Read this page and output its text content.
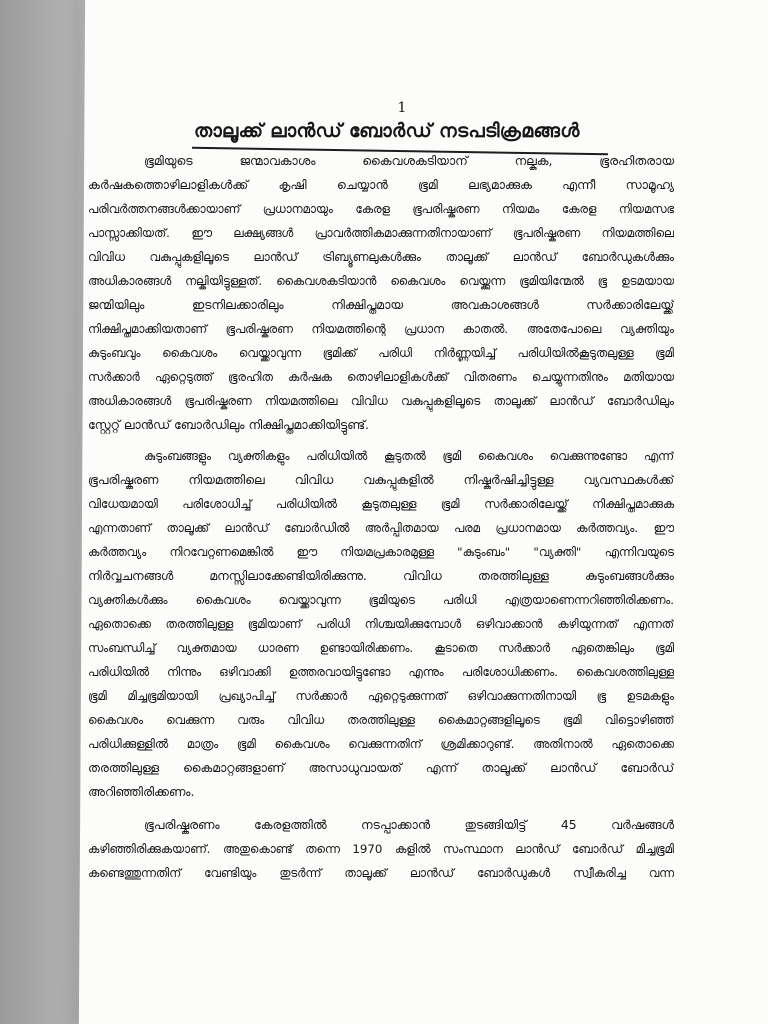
1
താലൂക്ക് ലാൻഡ് ബോർഡ് നടപടിക്രമങ്ങൾ
ഭൂമിയുടെ ജന്മാവകാശം കൈവശകടിയാന് നല്കുക, ഭൂരഹിതരായ
കർഷകത്തൊഴിലാളികൾക്ക് കൃഷി ചെയ്യാൻ ഭൂമി ലഭ്യമാക്കുക എന്നീ സാമൂഹ്യ
പരിവർത്തനങ്ങൾക്കായാണ് പ്രധാനമായും കേരള ഭൂപരിഷ്കരണ നിയമം കേരള നിയമസഭ
പാസ്സാക്കിയത്. ഈ ലക്ഷ്യങ്ങൾ പ്രാവർത്തികമാക്കുന്നതിനായാണ് ഭൂപരിഷ്കരണ നിയമത്തിലെ
വിവിധ വകുപ്പുകളിലൂടെ ലാൻഡ് ട്രിബ്യൂണലുകൾക്കും താലൂക്ക് ലാൻഡ് ബോർഡുകൾക്കും
അധികാരങ്ങൾ നല്കിയിട്ടുള്ളത്. കൈവശകടിയാൻ കൈവശം വെയ്ക്കുന്ന ഭൂമിയിന്മേൽ ഭൂ ഉടമയായ
ജന്മിയിലും ഇടനിലക്കാരിലും നിക്ഷിപ്തമായ അവകാശങ്ങൾ സർക്കാരിലേയ്ക്ക്
നിക്ഷിപ്തമാക്കിയതാണ് ഭൂപരിഷ്കരണ നിയമത്തിന്റെ പ്രധാന കാതൽ. അതേപോലെ വ്യക്തിയും
കുടുംബവും കൈവശം വെയ്ക്കാവുന്ന ഭൂമിക്ക് പരിധി നിർണ്ണയിച്ച് പരിധിയിൽകൂടുതലുള്ള ഭൂമി
സർക്കാർ ഏറ്റെടുത്ത് ഭൂരഹിത കർഷക തൊഴിലാളികൾക്ക് വിതരണം ചെയ്യുന്നതിനും മതിയായ
അധികാരങ്ങൾ ഭൂപരിഷ്കരണ നിയമത്തിലെ വിവിധ വകുപ്പുകളിലൂടെ താലൂക്ക് ലാൻഡ് ബോർഡിലും
സ്റ്റേറ്റ് ലാൻഡ് ബോർഡിലും നിക്ഷിപ്തമാക്കിയിട്ടുണ്ട്.
കുടുംബങ്ങളും വ്യക്തികളും പരിധിയിൽ കൂടുതൽ ഭൂമി കൈവശം വെക്കുന്നുണ്ടോ എന്ന്
ഭൂപരിഷ്കരണ നിയമത്തിലെ വിവിധ വകുപ്പുകളിൽ നിഷ്കർഷിച്ചിട്ടുള്ള വ്യവസ്ഥകൾക്ക്
വിധേയമായി പരിശോധിച്ച് പരിധിയിൽ കൂടുതലുള്ള ഭൂമി സർക്കാരിലേയ്ക്ക് നിക്ഷിപ്തമാക്കുക
എന്നതാണ് താലൂക്ക് ലാൻഡ് ബോർഡിൽ അർപ്പിതമായ പരമ പ്രധാനമായ കർത്തവ്യം. ഈ
കർത്തവ്യം നിറവേറ്റണമെങ്കിൽ ഈ നിയമപ്രകാരമുള്ള "കുടുംബം" "വ്യക്തി" എന്നിവയുടെ
നിർവ്വചനങ്ങൾ മനസ്സിലാക്കേണ്ടിയിരിക്കുന്നു. വിവിധ തരത്തിലുള്ള കുടുംബങ്ങൾക്കും
വ്യക്തികൾക്കും കൈവശം വെയ്ക്കാവുന്ന ഭൂമിയുടെ പരിധി എത്രയാണെന്നറിഞ്ഞിരിക്കണം.
ഏതൊക്കെ തരത്തിലുള്ള ഭൂമിയാണ് പരിധി നിശ്ചയിക്കുമ്പോൾ ഒഴിവാക്കാൻ കഴിയുന്നത് എന്നത്
സംബന്ധിച്ച് വ്യക്തമായ ധാരണ ഉണ്ടായിരിക്കണം. കൂടാതെ സർക്കാർ ഏതെങ്കിലും ഭൂമി
പരിധിയിൽ നിന്നും ഒഴിവാക്കി ഉത്തരവായിട്ടുണ്ടോ എന്നും പരിശോധിക്കണം. കൈവശത്തിലുള്ള
ഭൂമി മിച്ചഭൂമിയായി പ്രഖ്യാപിച്ച് സർക്കാർ ഏറ്റെടുക്കുന്നത് ഒഴിവാക്കുന്നതിനായി ഭൂ ഉടമകളും
കൈവശം വെക്കുന്ന വരും വിവിധ തരത്തിലുള്ള കൈമാറ്റങ്ങളിലൂടെ ഭൂമി വിട്ടൊഴിഞ്ഞ്
പരിധിക്കുള്ളിൽ മാത്രം ഭൂമി കൈവശം വെക്കുന്നതിന് ശ്രമിക്കാറുണ്ട്. അതിനാൽ ഏതൊക്കെ
തരത്തിലുള്ള കൈമാറ്റങ്ങളാണ് അസാധുവായത് എന്ന് താലൂക്ക് ലാൻഡ് ബോർഡ്
അറിഞ്ഞിരിക്കണം.
ഭൂപരിഷ്കരണം കേരളത്തിൽ നടപ്പാക്കാൻ തുടങ്ങിയിട്ട് 45 വർഷങ്ങൾ
കഴിഞ്ഞിരിക്കുകയാണ്. അതുകൊണ്ട് തന്നെ 1970 കളിൽ സംസ്ഥാന ലാൻഡ് ബോർഡ് മിച്ചഭൂമി
കണ്ടെത്തുന്നതിന് വേണ്ടിയും തുടർന്ന് താലൂക്ക് ലാൻഡ് ബോർഡുകൾ സ്വീകരിച്ച വന്ന
